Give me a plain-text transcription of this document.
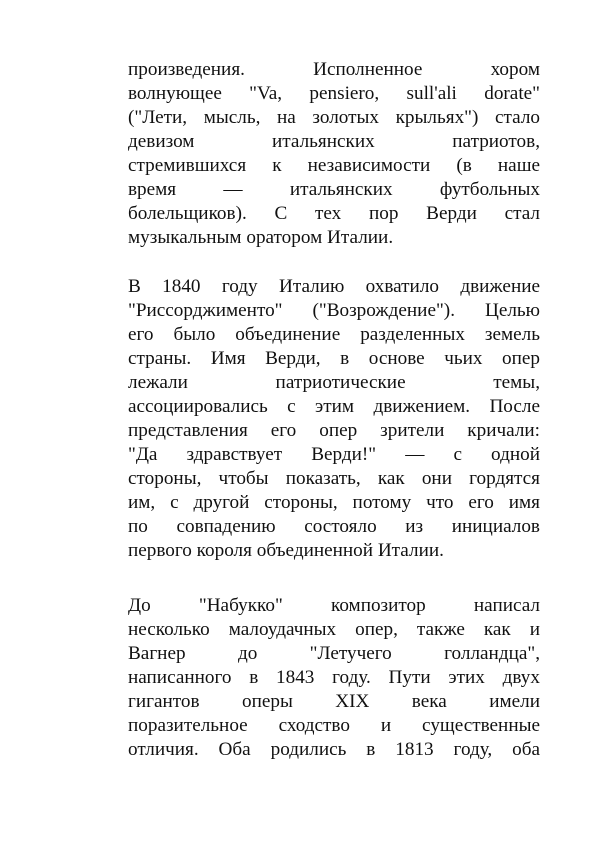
произведения. Исполненное хором
волнующее "Va, pensiero, sull'ali dorate"
("Лети, мысль, на золотых крыльях") стало
девизом итальянских патриотов,
стремившихся к независимости (в наше
время — итальянских футбольных
болельщиков). С тех пор Верди стал
музыкальным оратором Италии.
В 1840 году Италию охватило движение
"Риссорджименто" ("Возрождение"). Целью
его было объединение разделенных земель
страны. Имя Верди, в основе чьих опер
лежали патриотические темы,
ассоциировались с этим движением. После
представления его опер зрители кричали:
"Да здравствует Верди!" — с одной
стороны, чтобы показать, как они гордятся
им, с другой стороны, потому что его имя
по совпадению состояло из инициалов
первого короля объединенной Италии.
До "Набукко" композитор написал
несколько малоудачных опер, также как и
Вагнер до "Летучего голландца",
написанного в 1843 году. Пути этих двух
гигантов оперы XIX века имели
поразительное сходство и существенные
отличия. Оба родились в 1813 году, оба
